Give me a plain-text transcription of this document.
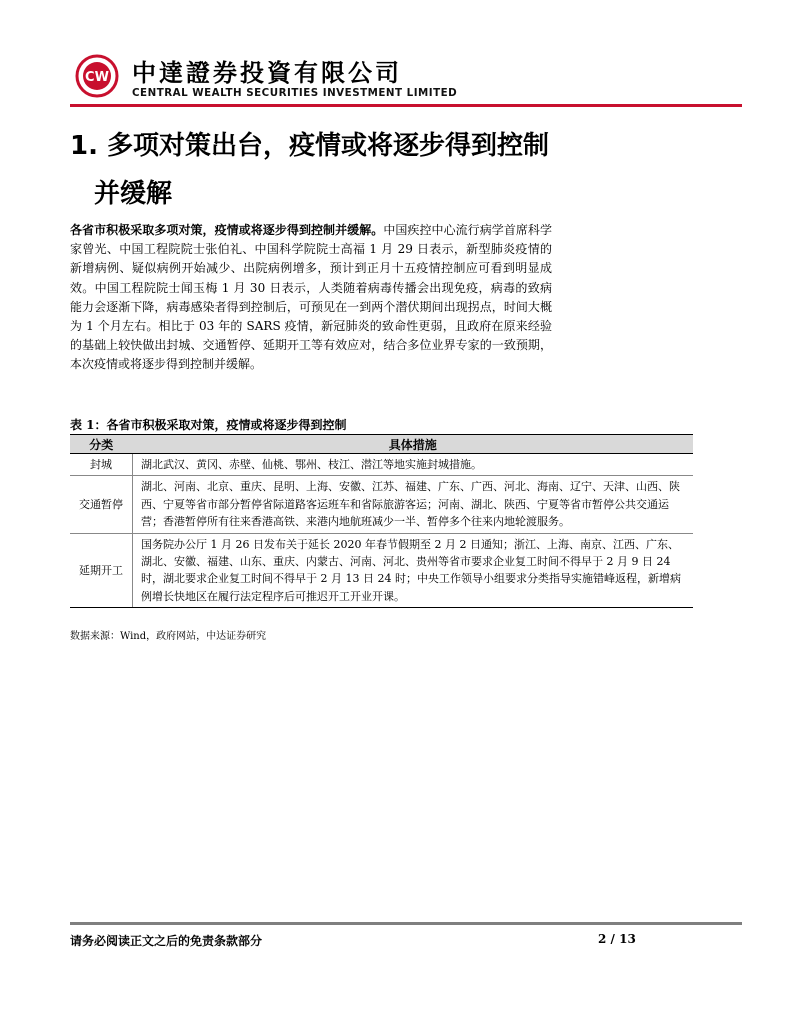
CW 中達證券投資有限公司
CENTRAL WEALTH SECURITIES INVESTMENT LIMITED
1. 多项对策出台，疫情或将逐步得到控制
并缓解

各省市积极采取多项对策，疫情或将逐步得到控制并缓解。中国疾控中心流行病学首席科学家曾光、中国工程院院士张伯礼、中国科学院院士高福 1 月 29 日表示，新型肺炎疫情的新增病例、疑似病例开始减少、出院病例增多，预计到正月十五疫情控制应可看到明显成效。中国工程院院士闻玉梅 1 月 30 日表示，人类随着病毒传播会出现免疫，病毒的致病能力会逐渐下降，病毒感染者得到控制后，可预见在一到两个潜伏期间出现拐点，时间大概为 1 个月左右。相比于 03 年的 SARS 疫情，新冠肺炎的致命性更弱，且政府在原来经验的基础上较快做出封城、交通暂停、延期开工等有效应对，结合多位业界专家的一致预期，本次疫情或将逐步得到控制并缓解。

表 1：各省市积极采取对策，疫情或将逐步得到控制
分类	具体措施
封城	湖北武汉、黄冈、赤壁、仙桃、鄂州、枝江、潜江等地实施封城措施。
交通暂停	湖北、河南、北京、重庆、昆明、上海、安徽、江苏、福建、广东、广西、河北、海南、辽宁、天津、山西、陕西、宁夏等省市部分暂停省际道路客运班车和省际旅游客运；河南、湖北、陕西、宁夏等省市暂停公共交通运营；香港暂停所有往来香港高铁、来港内地航班减少一半、暂停多个往来内地轮渡服务。
延期开工	国务院办公厅 1 月 26 日发布关于延长 2020 年春节假期至 2 月 2 日通知；浙江、上海、南京、江西、广东、湖北、安徽、福建、山东、重庆、内蒙古、河南、河北、贵州等省市要求企业复工时间不得早于 2 月 9 日 24 时，湖北要求企业复工时间不得早于 2 月 13 日 24 时；中央工作领导小组要求分类指导实施错峰返程，新增病例增长快地区在履行法定程序后可推迟开工开业开课。
数据来源：Wind，政府网站，中达证券研究
请务必阅读正文之后的免责条款部分	2 / 13
